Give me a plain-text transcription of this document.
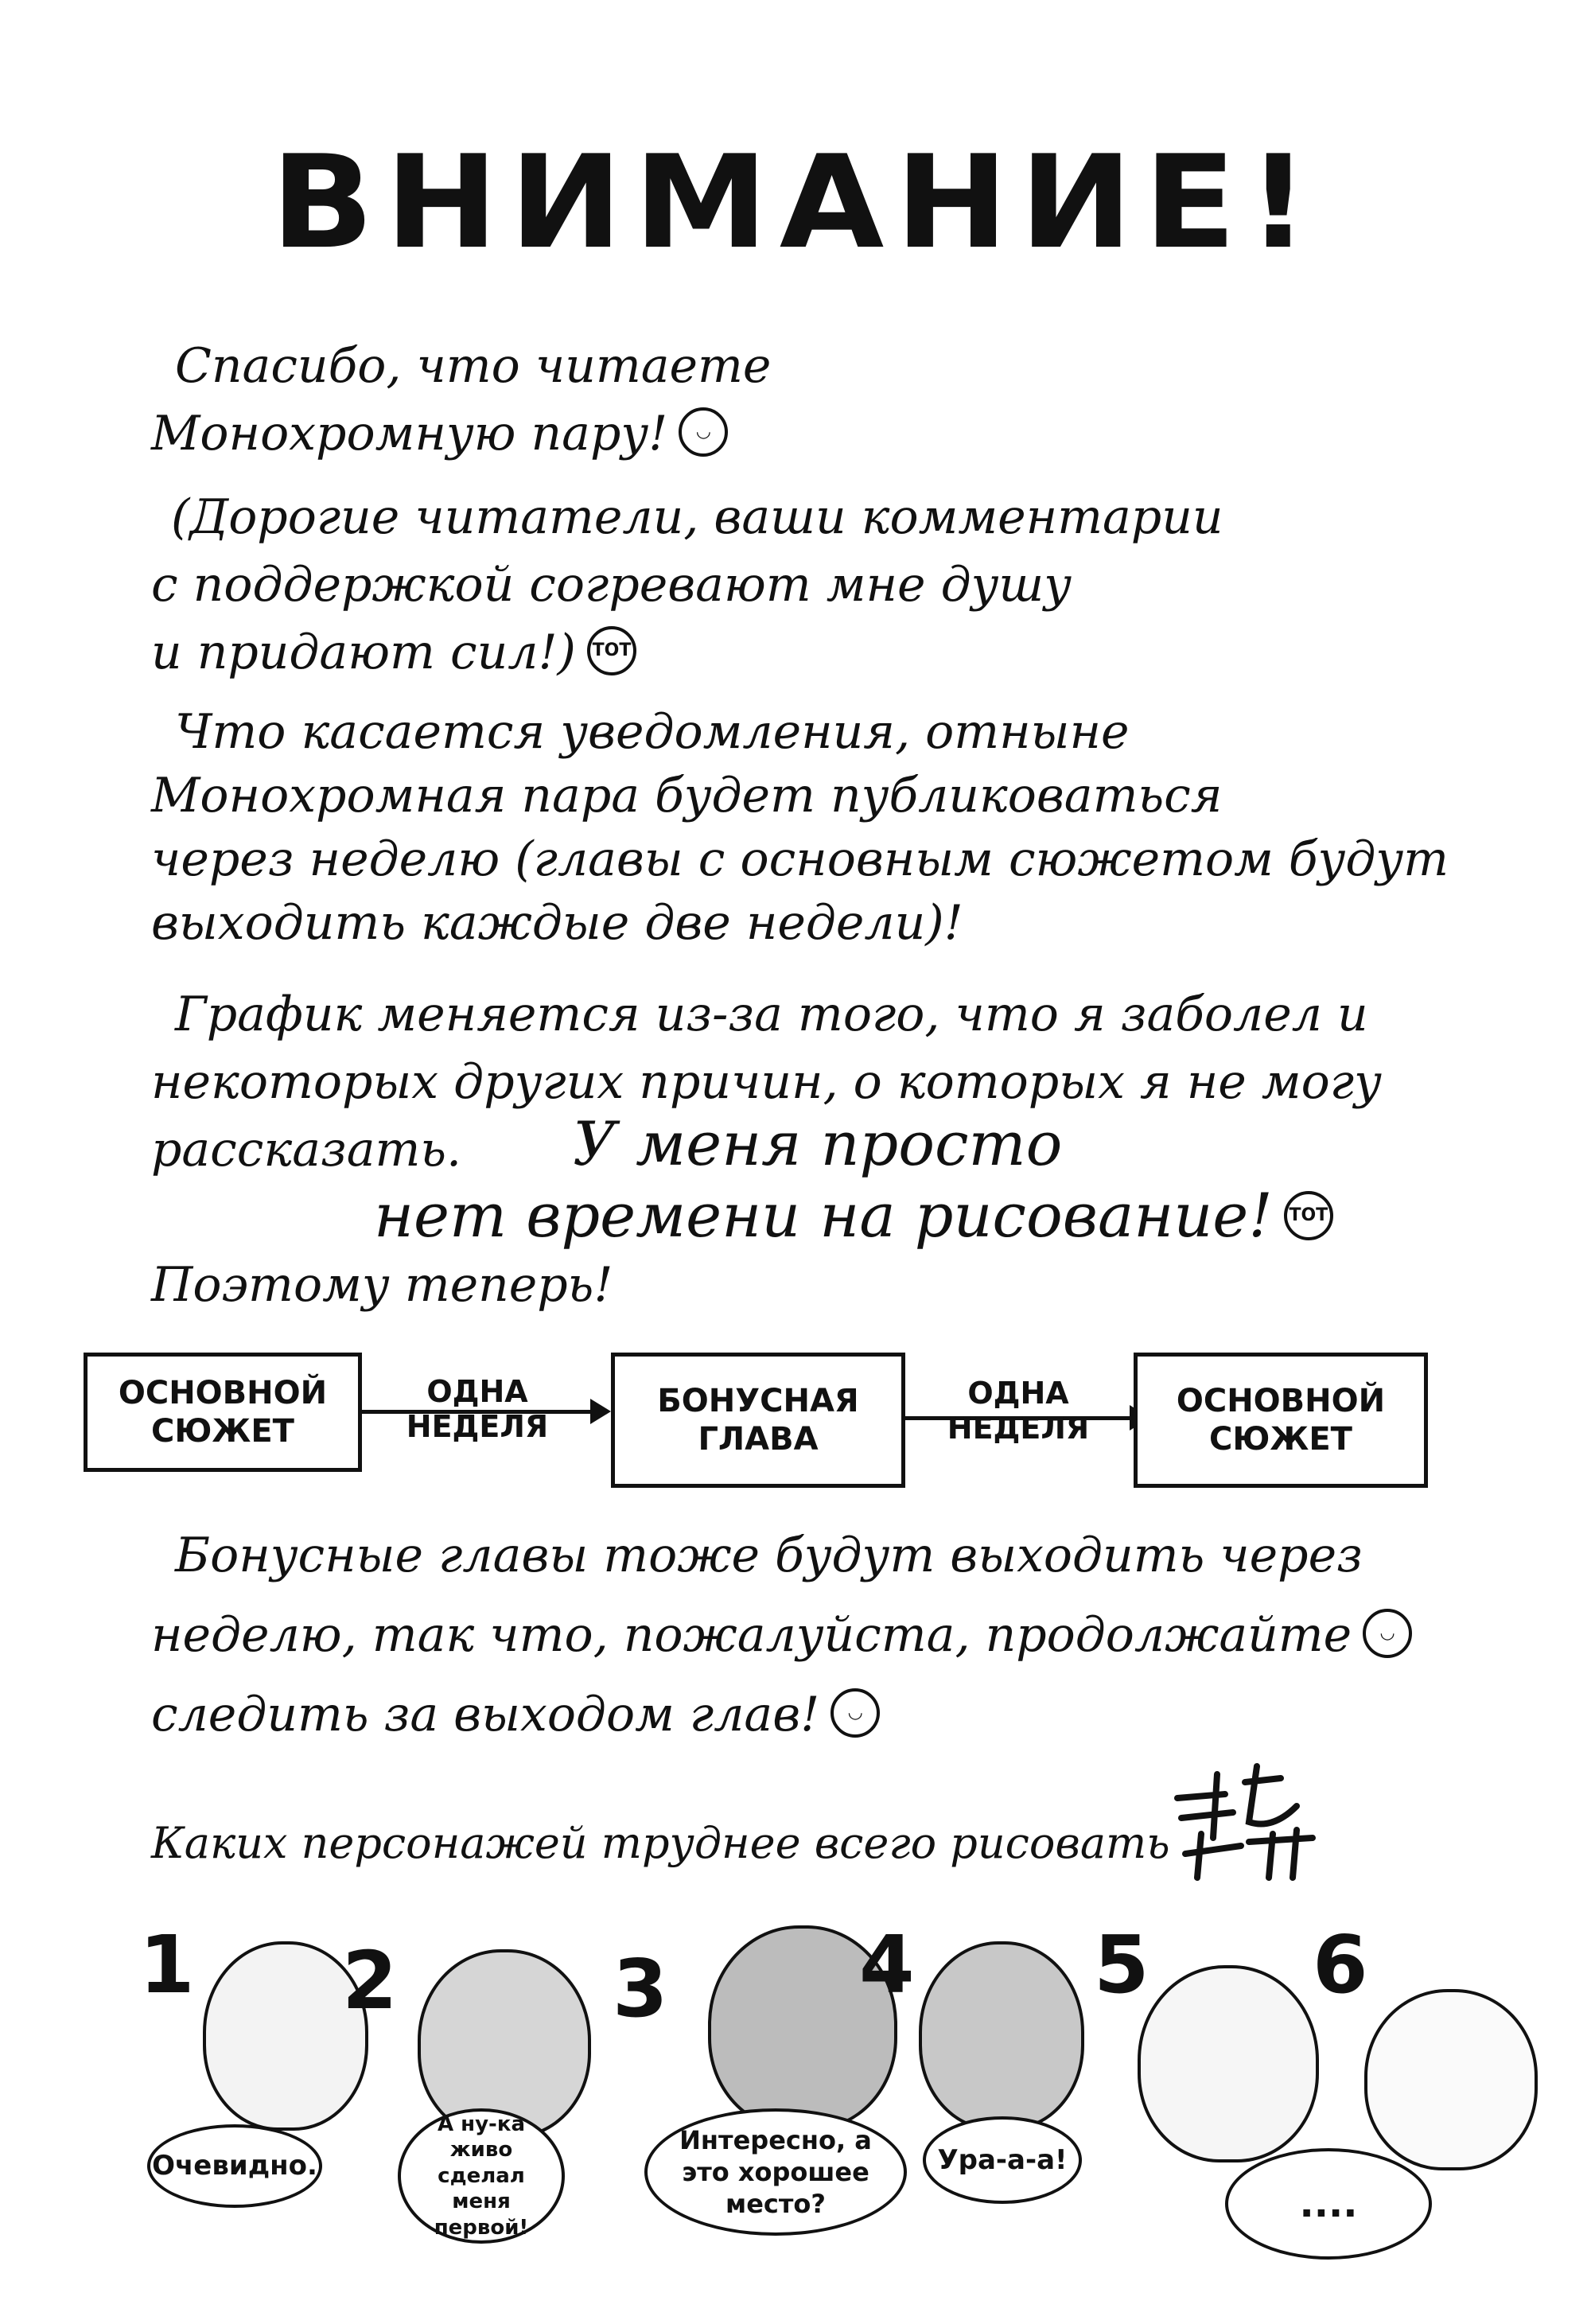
ВНИМАНИЕ!
Спасибо, что читаете
Монохромную пару! ◡
(Дорогие читатели, ваши комментарии
с поддержкой согревают мне душу
и придают сил!) TOT
Что касается уведомления, отныне
Монохромная пара будет публиковаться
через неделю (главы с основным сюжетом будут
выходить каждые две недели)!
График меняется из-за того, что я заболел и
некоторых других причин, о которых я не могу
рассказать. У меня просто
нет времени на рисование! TOT
Поэтому теперь!
ОСНОВНОЙ СЮЖЕТ
ОДНА НЕДЕЛЯ
БОНУСНАЯ ГЛАВА
ОДНА НЕДЕЛЯ
ОСНОВНОЙ СЮЖЕТ
Бонусные главы тоже будут выходить через
неделю, так что, пожалуйста, продолжайте ◡
следить за выходом глав! ◡
Каких персонажей труднее всего рисовать
1
Очевидно.
2
А ну-ка живо сделал меня первой!
3
Интересно, а это хорошее место?
4
Ура-а-а!
5 6
....
